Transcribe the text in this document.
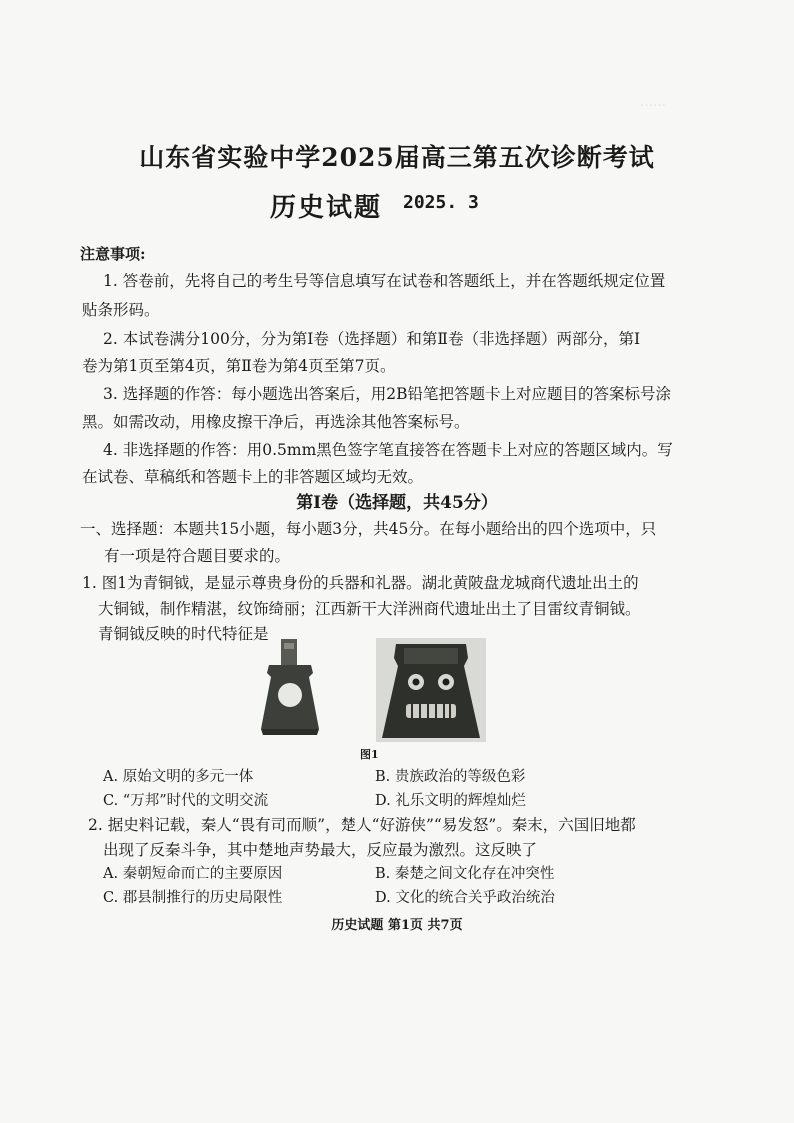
……
山东省实验中学2025届高三第五次诊断考试
历史试题 2025. 3
注意事项:
1. 答卷前，先将自己的考生号等信息填写在试卷和答题纸上，并在答题纸规定位置
贴条形码。
2. 本试卷满分100分，分为第Ⅰ卷（选择题）和第Ⅱ卷（非选择题）两部分，第Ⅰ
卷为第1页至第4页，第Ⅱ卷为第4页至第7页。
3. 选择题的作答：每小题选出答案后，用2B铅笔把答题卡上对应题目的答案标号涂
黑。如需改动，用橡皮擦干净后，再选涂其他答案标号。
4. 非选择题的作答：用0.5mm黑色签字笔直接答在答题卡上对应的答题区域内。写
在试卷、草稿纸和答题卡上的非答题区域均无效。
第Ⅰ卷（选择题，共45分）
一、选择题：本题共15小题，每小题3分，共45分。在每小题给出的四个选项中，只
有一项是符合题目要求的。
1. 图1为青铜钺，是显示尊贵身份的兵器和礼器。湖北黄陂盘龙城商代遗址出土的
大铜钺，制作精湛，纹饰绮丽；江西新干大洋洲商代遗址出土了目雷纹青铜钺。
青铜钺反映的时代特征是
图1
A. 原始文明的多元一体	B. 贵族政治的等级色彩
C. “万邦”时代的文明交流	D. 礼乐文明的辉煌灿烂
2. 据史料记载，秦人“畏有司而顺”，楚人“好游侠”“易发怒”。秦末，六国旧地都
出现了反秦斗争，其中楚地声势最大，反应最为激烈。这反映了
A. 秦朝短命而亡的主要原因	B. 秦楚之间文化存在冲突性
C. 郡县制推行的历史局限性	D. 文化的统合关乎政治统治
历史试题 第1页 共7页
